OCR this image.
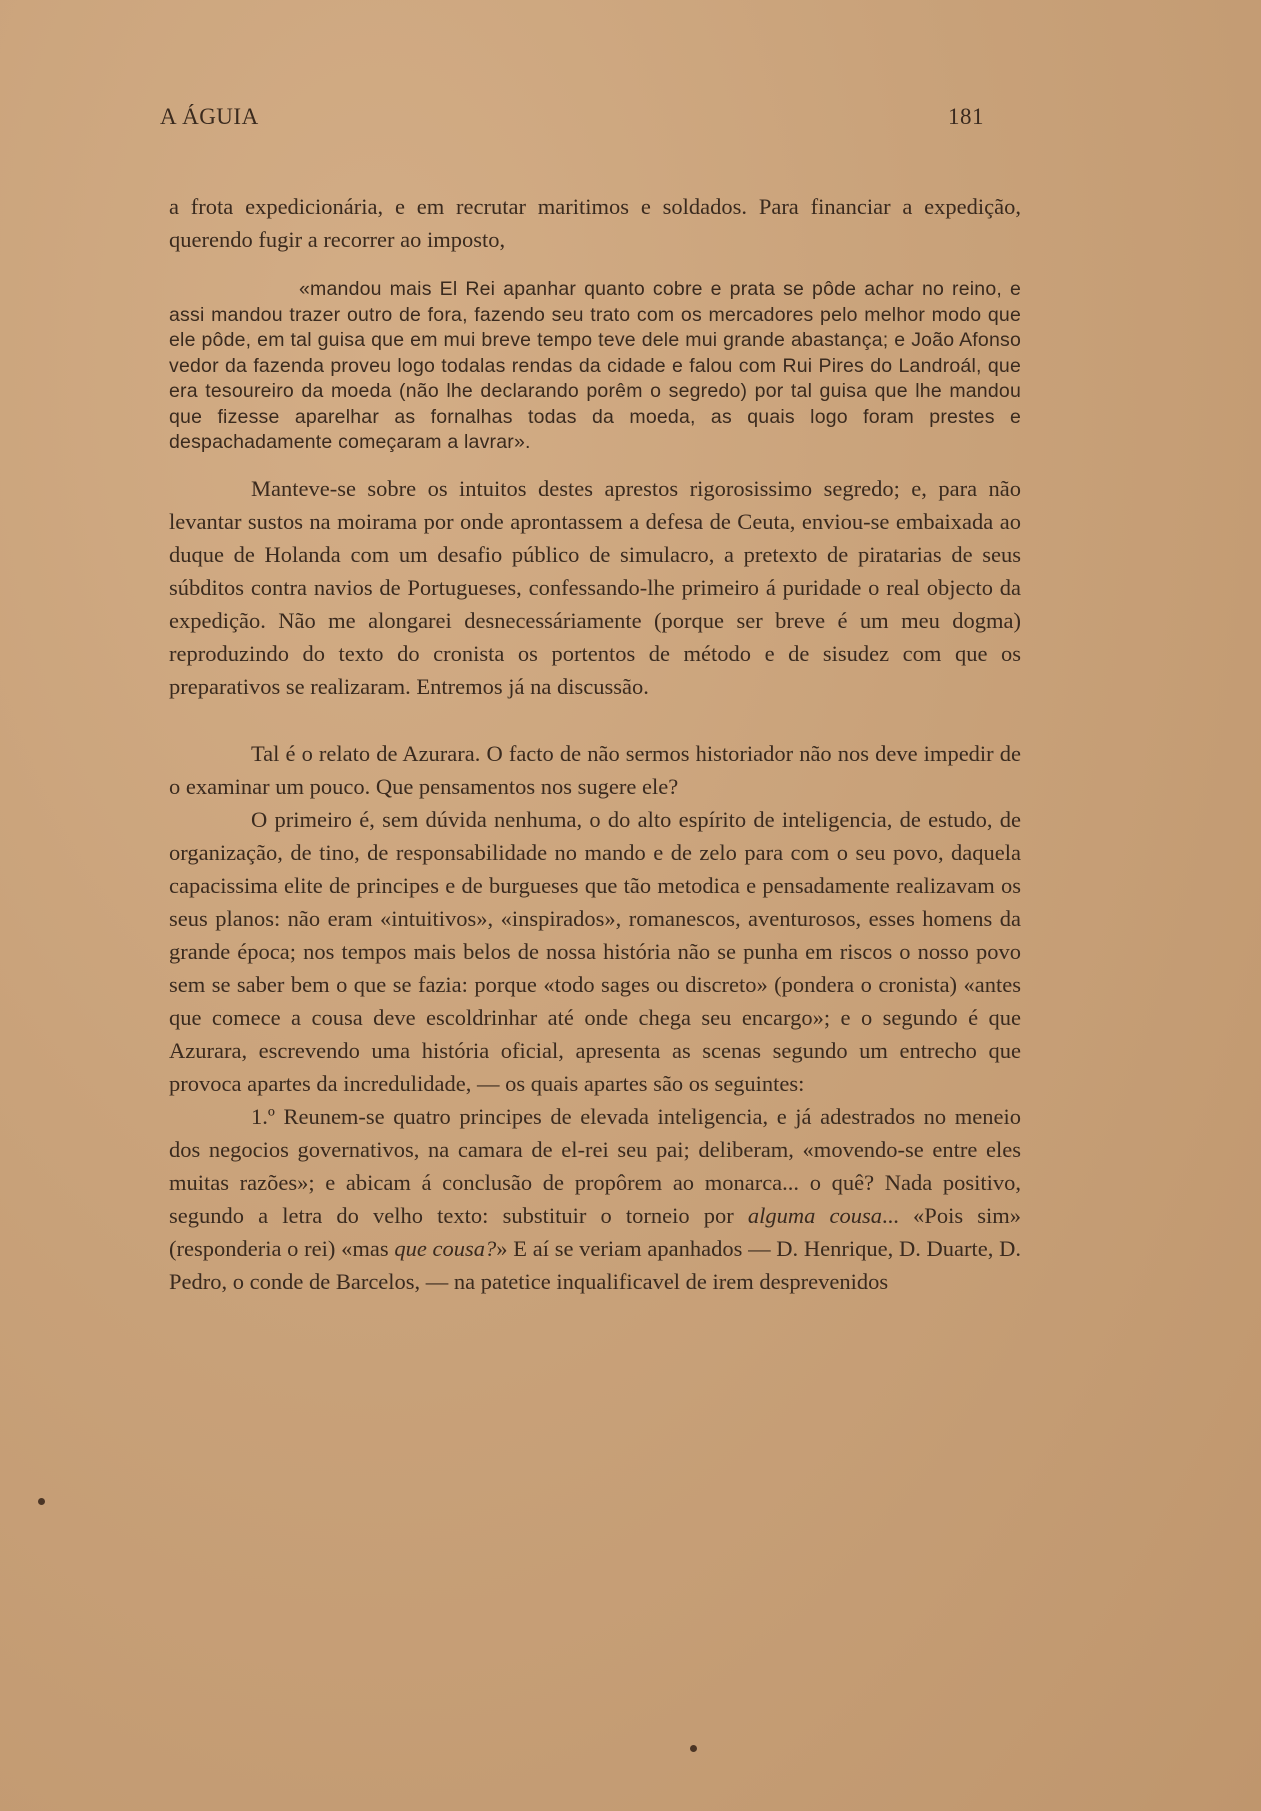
A ÁGUIA	181

a frota expedicionária, e em recrutar maritimos e soldados. Para financiar a expedição, querendo fugir a recorrer ao imposto,

«mandou mais El Rei apanhar quanto cobre e prata se pôde achar no reino, e assi mandou trazer outro de fora, fazendo seu trato com os mercadores pelo melhor modo que ele pôde, em tal guisa que em mui breve tempo teve dele mui grande abastança; e João Afonso vedor da fazenda proveu logo todalas rendas da cidade e falou com Rui Pires do Landroál, que era tesoureiro da moeda (não lhe declarando porêm o segredo) por tal guisa que lhe mandou que fizesse aparelhar as fornalhas todas da moeda, as quais logo foram prestes e despachadamente começaram a lavrar».

Manteve-se sobre os intuitos destes aprestos rigorosissimo segredo; e, para não levantar sustos na moirama por onde aprontassem a defesa de Ceuta, enviou-se embaixada ao duque de Holanda com um desafio público de simulacro, a pretexto de piratarias de seus súbditos contra navios de Portugueses, confessando-lhe primeiro á puridade o real objecto da expedição. Não me alongarei desnecessáriamente (porque ser breve é um meu dogma) reproduzindo do texto do cronista os portentos de método e de sisudez com que os preparativos se realizaram. Entremos já na discussão.

Tal é o relato de Azurara. O facto de não sermos historiador não nos deve impedir de o examinar um pouco. Que pensamentos nos sugere ele?

O primeiro é, sem dúvida nenhuma, o do alto espírito de inteligencia, de estudo, de organização, de tino, de responsabilidade no mando e de zelo para com o seu povo, daquela capacissima elite de principes e de burgueses que tão metodica e pensadamente realizavam os seus planos: não eram «intuitivos», «inspirados», romanescos, aventurosos, esses homens da grande época; nos tempos mais belos de nossa história não se punha em riscos o nosso povo sem se saber bem o que se fazia: porque «todo sages ou discreto» (pondera o cronista) «antes que comece a cousa deve escoldrinhar até onde chega seu encargo»; e o segundo é que Azurara, escrevendo uma história oficial, apresenta as scenas segundo um entrecho que provoca apartes da incredulidade, — os quais apartes são os seguintes:

1.º Reunem-se quatro principes de elevada inteligencia, e já adestrados no meneio dos negocios governativos, na camara de el-rei seu pai; deliberam, «movendo-se entre eles muitas razões»; e abicam á conclusão de propôrem ao monarca... o quê? Nada positivo, segundo a letra do velho texto: substituir o torneio por alguma cousa... «Pois sim» (responderia o rei) «mas que cousa?» E aí se veriam apanhados — D. Henrique, D. Duarte, D. Pedro, o conde de Barcelos, — na patetice inqualificavel de irem desprevenidos
